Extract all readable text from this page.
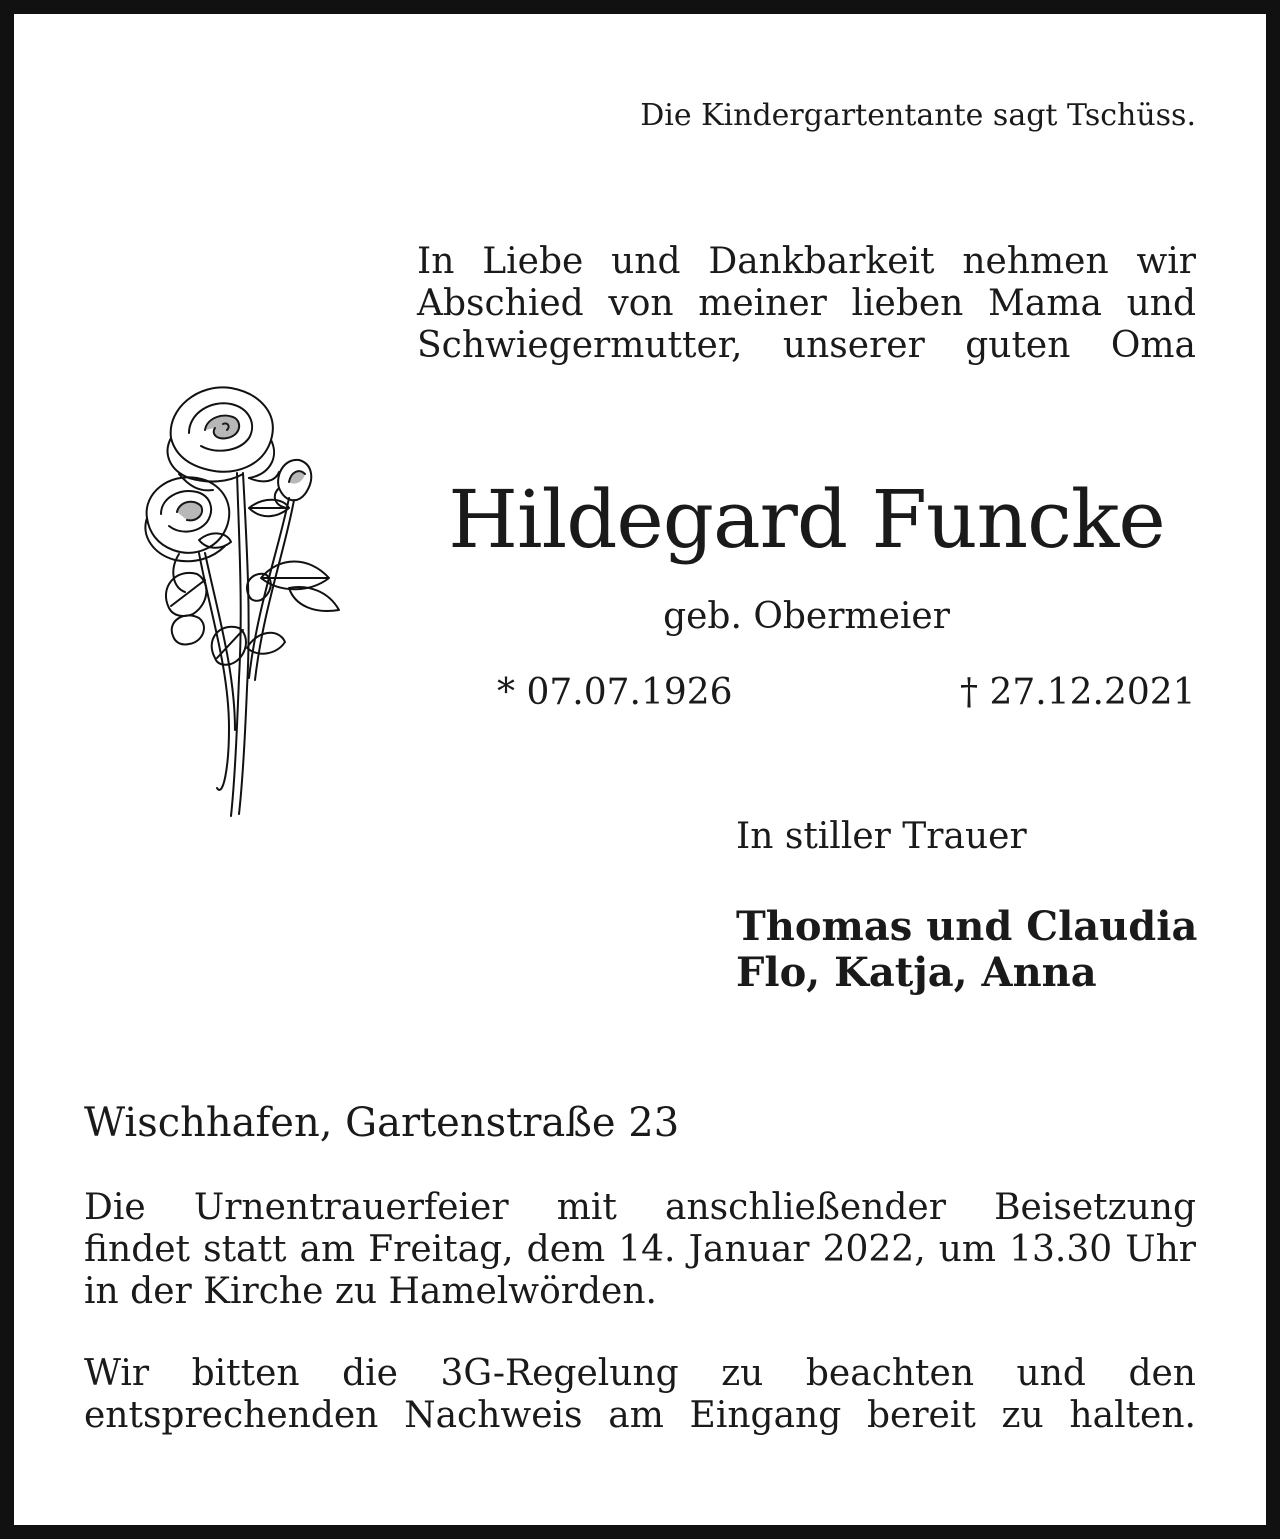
Die Kindergartentante sagt Tschüss.
In Liebe und Dankbarkeit nehmen wir
Abschied von meiner lieben Mama und
Schwiegermutter, unserer guten Oma
Hildegard Funcke
geb. Obermeier
* 07.07.1926	† 27.12.2021
In stiller Trauer
Thomas und Claudia
Flo, Katja, Anna
Wischhafen, Gartenstraße 23
Die Urnentrauerfeier mit anschließender Beisetzung
findet statt am Freitag, dem 14. Januar 2022, um 13.30 Uhr
in der Kirche zu Hamelwörden.
Wir bitten die 3G-Regelung zu beachten und den
entsprechenden Nachweis am Eingang bereit zu halten.
